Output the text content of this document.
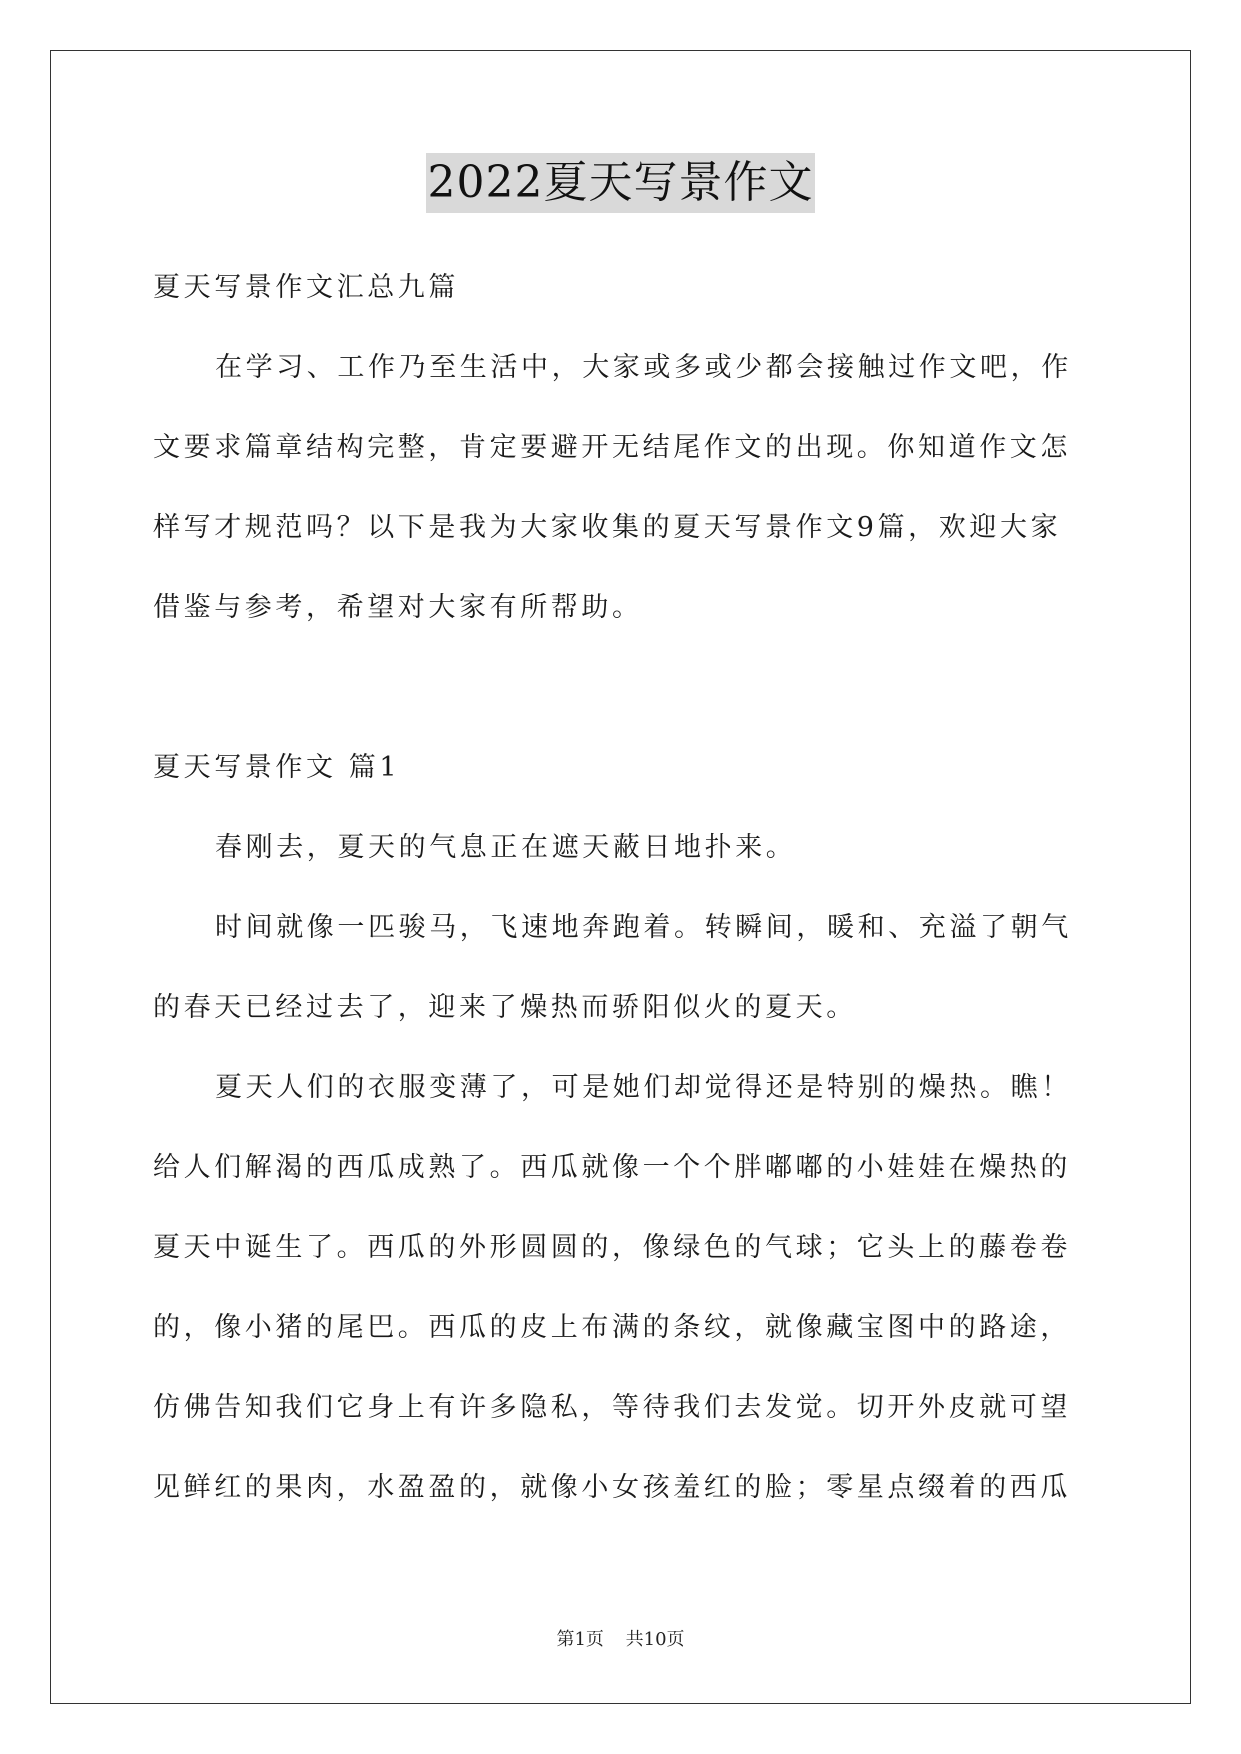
2022夏天写景作文
夏天写景作文汇总九篇
在学习、工作乃至生活中，大家或多或少都会接触过作文吧，作
文要求篇章结构完整，肯定要避开无结尾作文的出现。你知道作文怎
样写才规范吗？以下是我为大家收集的夏天写景作文9篇，欢迎大家
借鉴与参考，希望对大家有所帮助。
夏天写景作文 篇1
春刚去，夏天的气息正在遮天蔽日地扑来。
时间就像一匹骏马，飞速地奔跑着。转瞬间，暖和、充溢了朝气
的春天已经过去了，迎来了燥热而骄阳似火的夏天。
夏天人们的衣服变薄了，可是她们却觉得还是特别的燥热。瞧！
给人们解渴的西瓜成熟了。西瓜就像一个个胖嘟嘟的小娃娃在燥热的
夏天中诞生了。西瓜的外形圆圆的，像绿色的气球；它头上的藤卷卷
的，像小猪的尾巴。西瓜的皮上布满的条纹，就像藏宝图中的路途，
仿佛告知我们它身上有许多隐私，等待我们去发觉。切开外皮就可望
见鲜红的果肉，水盈盈的，就像小女孩羞红的脸；零星点缀着的西瓜
第1页 共10页
